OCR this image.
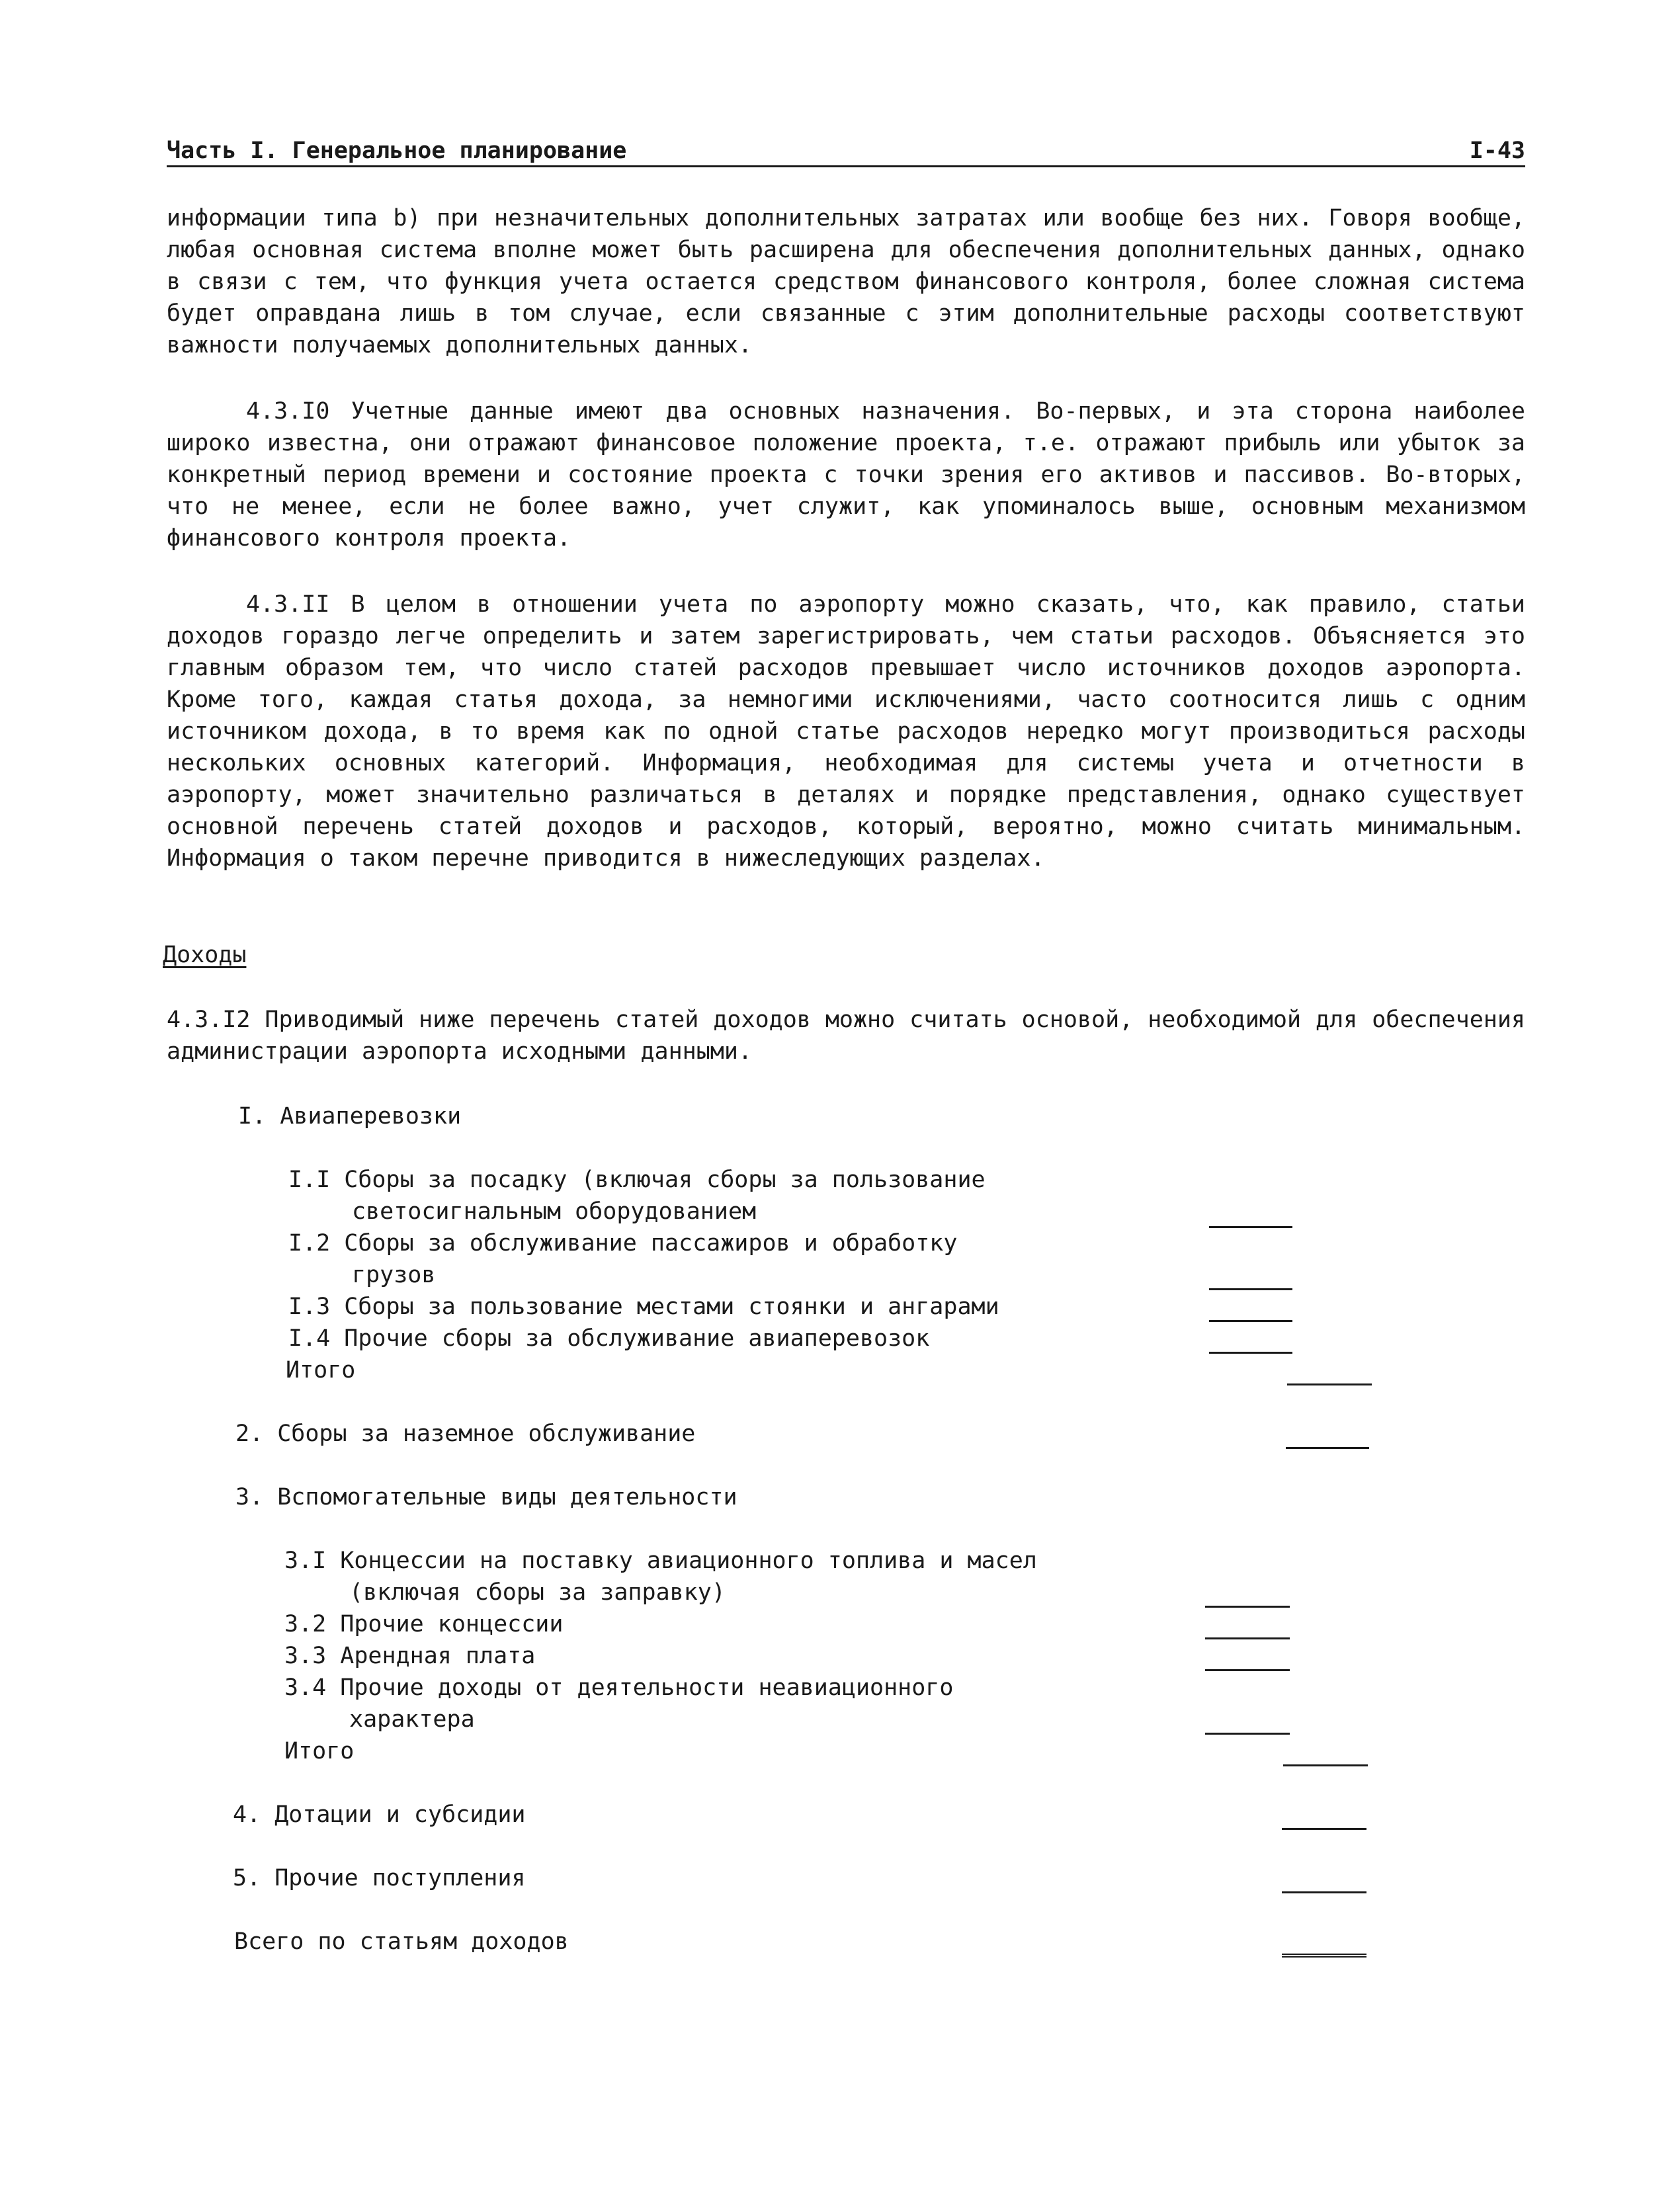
Часть I. Генеральное планирование	I-43

информации типа b) при незначительных дополнительных затратах или вообще без них. Говоря вообще, любая основная система вполне может быть расширена для обеспечения дополнительных данных, однако в связи с тем, что функция учета остается средством финансового контроля, более сложная система будет оправдана лишь в том случае, если связанные с этим дополнительные расходы соответствуют важности получаемых дополнительных данных.

4.3.I0 Учетные данные имеют два основных назначения. Во-первых, и эта сторона наиболее широко известна, они отражают финансовое положение проекта, т.е. отражают прибыль или убыток за конкретный период времени и состояние проекта с точки зрения его активов и пассивов. Во-вторых, что не менее, если не более важно, учет служит, как упоминалось выше, основным механизмом финансового контроля проекта.

4.3.II В целом в отношении учета по аэропорту можно сказать, что, как правило, статьи доходов гораздо легче определить и затем зарегистрировать, чем статьи расходов. Объясняется это главным образом тем, что число статей расходов превышает число источников доходов аэропорта. Кроме того, каждая статья дохода, за немногими исключениями, часто соотносится лишь с одним источником дохода, в то время как по одной статье расходов нередко могут производиться расходы нескольких основных категорий. Информация, необходимая для системы учета и отчетности в аэропорту, может значительно различаться в деталях и порядке представления, однако существует основной перечень статей доходов и расходов, который, вероятно, можно считать минимальным. Информация о таком перечне приводится в нижеследующих разделах.

Доходы

4.3.I2 Приводимый ниже перечень статей доходов можно считать основой, необходимой для обеспечения администрации аэропорта исходными данными.

I. Авиаперевозки
I.I Сборы за посадку (включая сборы за пользование
светосигнальным оборудованием
I.2 Сборы за обслуживание пассажиров и обработку
грузов
I.3 Сборы за пользование местами стоянки и ангарами
I.4 Прочие сборы за обслуживание авиаперевозок
Итого
2. Сборы за наземное обслуживание
3. Вспомогательные виды деятельности
3.I Концессии на поставку авиационного топлива и масел
(включая сборы за заправку)
3.2 Прочие концессии
3.3 Арендная плата
3.4 Прочие доходы от деятельности неавиационного
характера
Итого
4. Дотации и субсидии
5. Прочие поступления
Всего по статьям доходов
